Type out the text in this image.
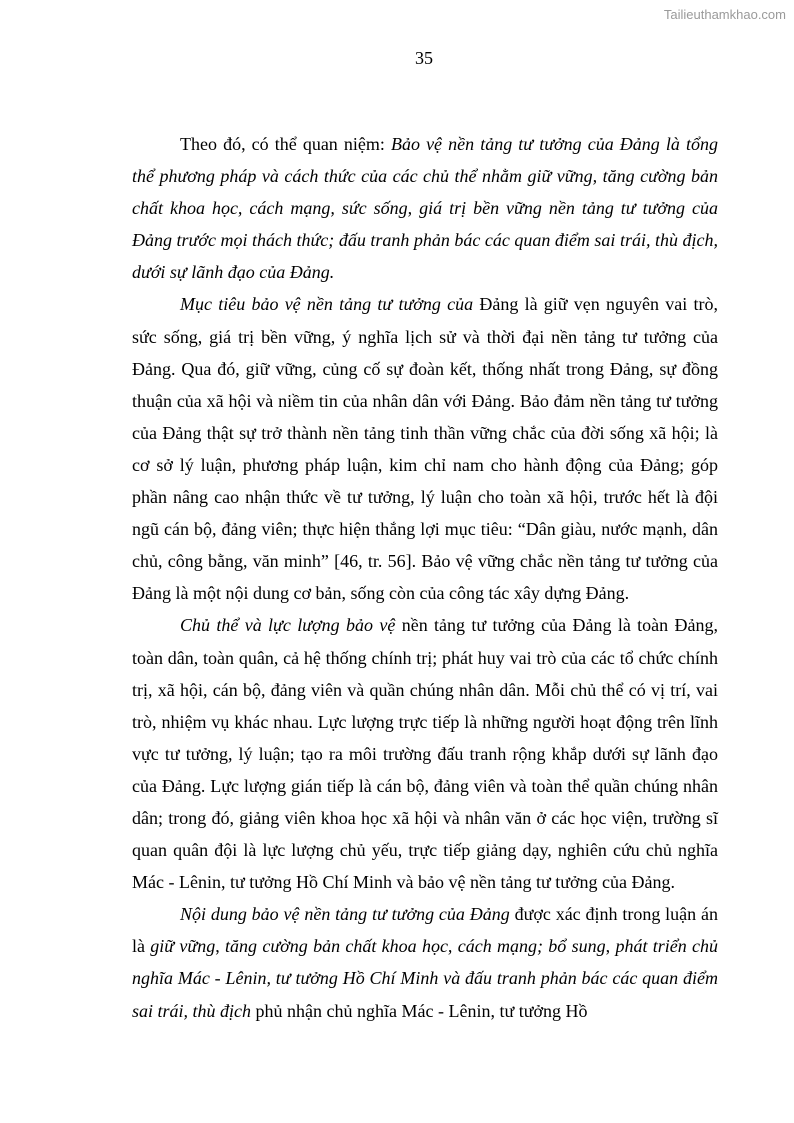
Tailieuthamkhao.com
35

Theo đó, có thể quan niệm: Bảo vệ nền tảng tư tưởng của Đảng là tổng thể phương pháp và cách thức của các chủ thể nhằm giữ vững, tăng cường bản chất khoa học, cách mạng, sức sống, giá trị bền vững nền tảng tư tưởng của Đảng trước mọi thách thức; đấu tranh phản bác các quan điểm sai trái, thù địch, dưới sự lãnh đạo của Đảng.

Mục tiêu bảo vệ nền tảng tư tưởng của Đảng là giữ vẹn nguyên vai trò, sức sống, giá trị bền vững, ý nghĩa lịch sử và thời đại nền tảng tư tưởng của Đảng. Qua đó, giữ vững, củng cố sự đoàn kết, thống nhất trong Đảng, sự đồng thuận của xã hội và niềm tin của nhân dân với Đảng. Bảo đảm nền tảng tư tưởng của Đảng thật sự trở thành nền tảng tinh thần vững chắc của đời sống xã hội; là cơ sở lý luận, phương pháp luận, kim chỉ nam cho hành động của Đảng; góp phần nâng cao nhận thức về tư tưởng, lý luận cho toàn xã hội, trước hết là đội ngũ cán bộ, đảng viên; thực hiện thắng lợi mục tiêu: “Dân giàu, nước mạnh, dân chủ, công bằng, văn minh” [46, tr. 56]. Bảo vệ vững chắc nền tảng tư tưởng của Đảng là một nội dung cơ bản, sống còn của công tác xây dựng Đảng.

Chủ thể và lực lượng bảo vệ nền tảng tư tưởng của Đảng là toàn Đảng, toàn dân, toàn quân, cả hệ thống chính trị; phát huy vai trò của các tổ chức chính trị, xã hội, cán bộ, đảng viên và quần chúng nhân dân. Mỗi chủ thể có vị trí, vai trò, nhiệm vụ khác nhau. Lực lượng trực tiếp là những người hoạt động trên lĩnh vực tư tưởng, lý luận; tạo ra môi trường đấu tranh rộng khắp dưới sự lãnh đạo của Đảng. Lực lượng gián tiếp là cán bộ, đảng viên và toàn thể quần chúng nhân dân; trong đó, giảng viên khoa học xã hội và nhân văn ở các học viện, trường sĩ quan quân đội là lực lượng chủ yếu, trực tiếp giảng dạy, nghiên cứu chủ nghĩa Mác - Lênin, tư tưởng Hồ Chí Minh và bảo vệ nền tảng tư tưởng của Đảng.

Nội dung bảo vệ nền tảng tư tưởng của Đảng được xác định trong luận án là giữ vững, tăng cường bản chất khoa học, cách mạng; bổ sung, phát triển chủ nghĩa Mác - Lênin, tư tưởng Hồ Chí Minh và đấu tranh phản bác các quan điểm sai trái, thù địch phủ nhận chủ nghĩa Mác - Lênin, tư tưởng Hồ
